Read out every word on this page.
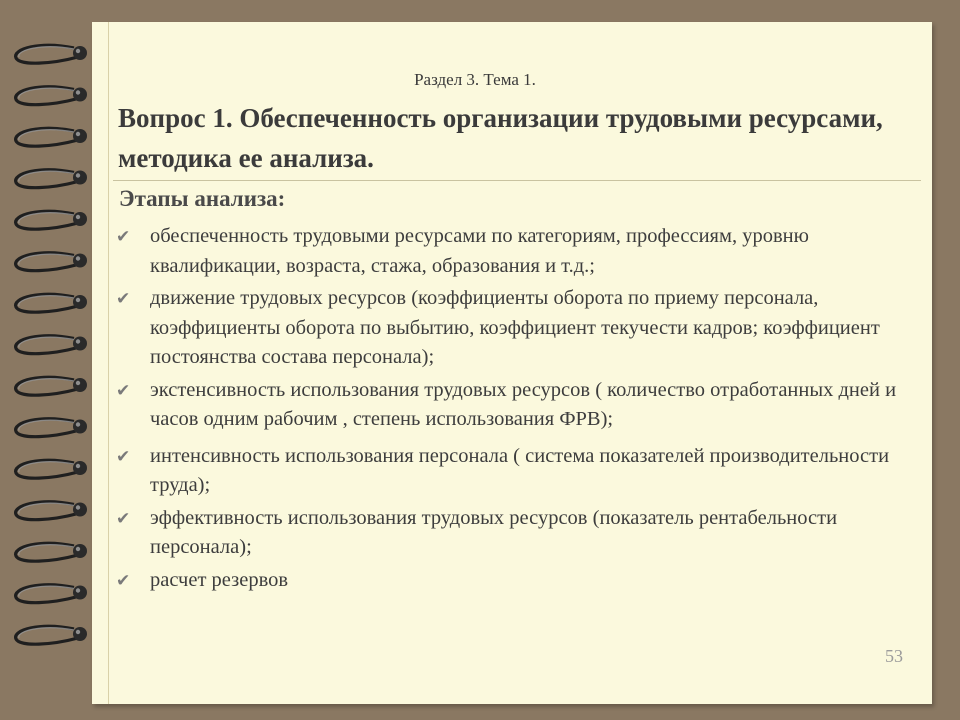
Раздел 3. Тема 1.
Вопрос 1. Обеспеченность организации трудовыми ресурсами, методика ее анализа.
Этапы анализа:
✔ обеспеченность трудовыми ресурсами по категориям, профессиям, уровню квалификации, возраста, стажа, образования и т.д.;
✔ движение трудовых ресурсов (коэффициенты оборота по приему персонала, коэффициенты оборота по выбытию, коэффициент текучести кадров; коэффициент постоянства состава персонала);
✔ экстенсивность использования трудовых ресурсов ( количество отработанных дней и часов одним рабочим , степень использования ФРВ);
✔ интенсивность использования персонала ( система показателей производительности труда);
✔ эффективность использования трудовых ресурсов (показатель рентабельности персонала);
✔ расчет резервов
53
